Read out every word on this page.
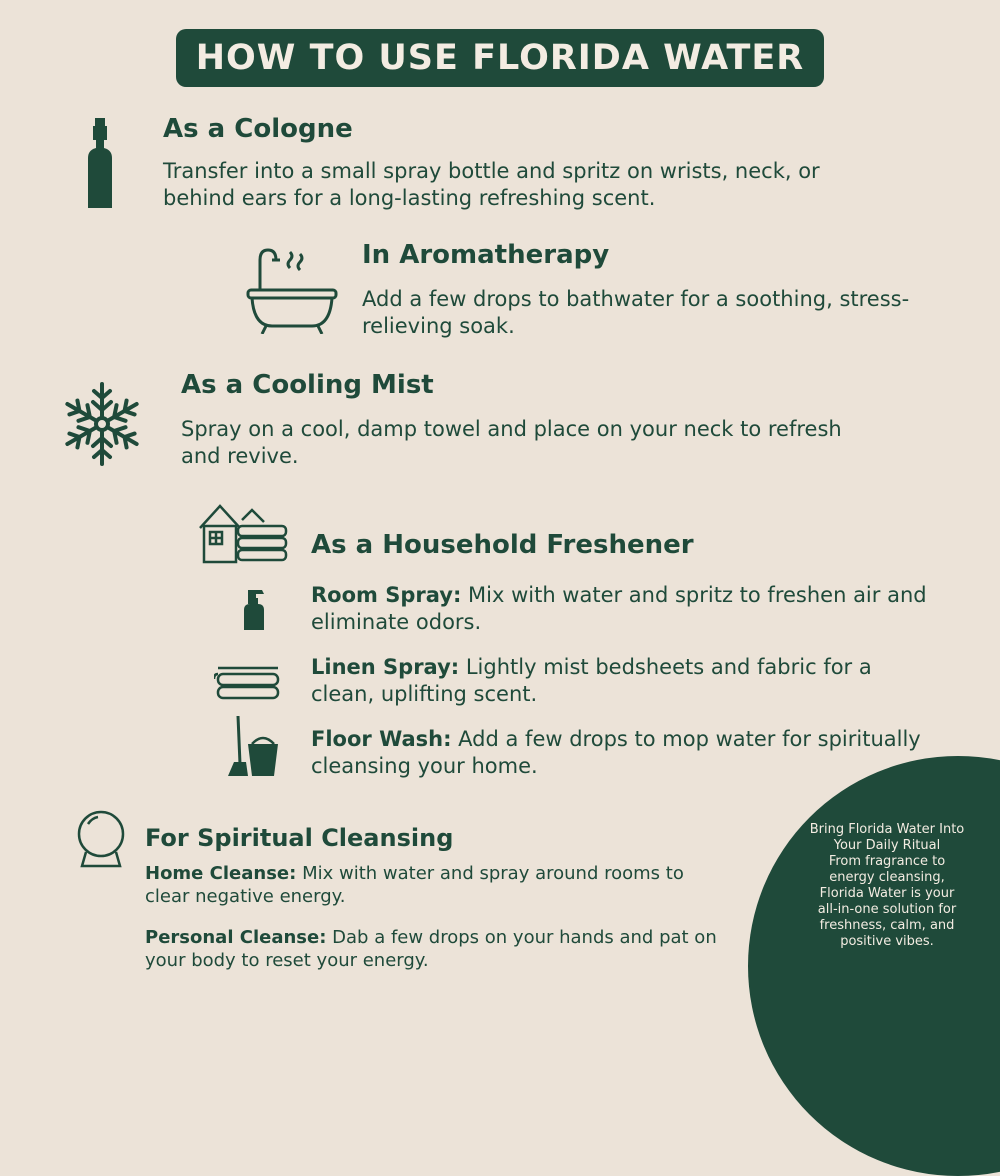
HOW TO USE FLORIDA WATER
As a Cologne
Transfer into a small spray bottle and spritz on wrists, neck, or behind ears for a long-lasting refreshing scent.
In Aromatherapy
Add a few drops to bathwater for a soothing, stress-relieving soak.
As a Cooling Mist
Spray on a cool, damp towel and place on your neck to refresh and revive.
As a Household Freshener
Room Spray: Mix with water and spritz to freshen air and eliminate odors.
Linen Spray: Lightly mist bedsheets and fabric for a clean, uplifting scent.
Floor Wash: Add a few drops to mop water for spiritually cleansing your home.
For Spiritual Cleansing
Home Cleanse: Mix with water and spray around rooms to clear negative energy.
Personal Cleanse: Dab a few drops on your hands and pat on your body to reset your energy.
Bring Florida Water Into
Your Daily Ritual
From fragrance to
energy cleansing,
Florida Water is your
all-in-one solution for
freshness, calm, and
positive vibes.
